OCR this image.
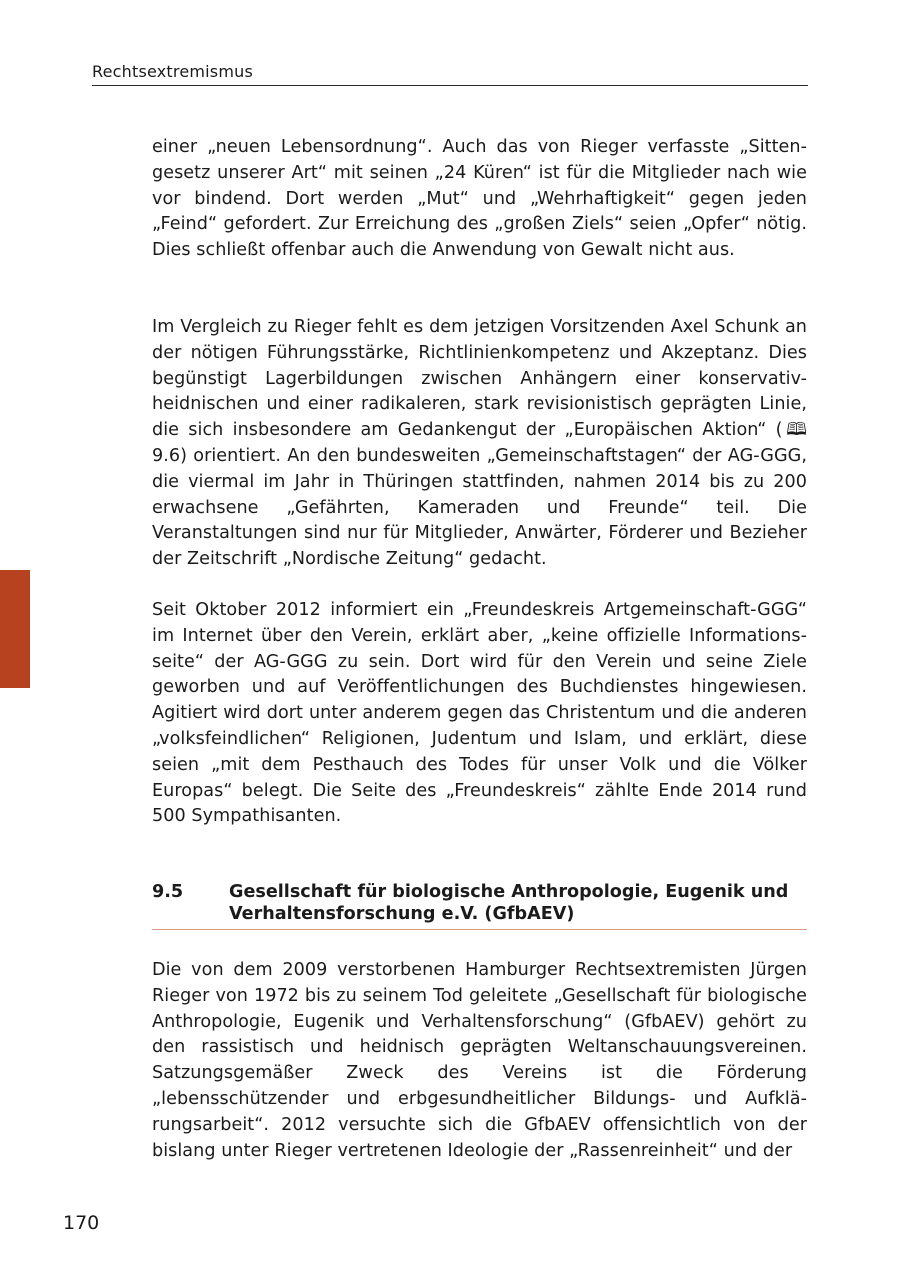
Rechtsextremismus

einer „neuen Lebensordnung“. Auch das von Rieger verfasste „Sittengesetz unserer Art“ mit seinen „24 Küren“ ist für die Mitglieder nach wie vor bindend. Dort werden „Mut“ und „Wehrhaftigkeit“ gegen jeden „Feind“ gefordert. Zur Erreichung des „großen Ziels“ seien „Opfer“ nötig. Dies schließt offenbar auch die Anwendung von Gewalt nicht aus.

Im Vergleich zu Rieger fehlt es dem jetzigen Vorsitzenden Axel Schunk an der nötigen Führungsstärke, Richtlinienkompetenz und Akzeptanz. Dies begünstigt Lagerbildungen zwischen Anhängern einer konservativ-heidnischen und einer radikaleren, stark revisionistisch geprägten Linie, die sich insbesondere am Gedankengut der „Europäischen Aktion“ (🕮 9.6) orientiert. An den bundesweiten „Gemeinschaftstagen“ der AG-GGG, die viermal im Jahr in Thüringen stattfinden, nahmen 2014 bis zu 200 erwachsene „Gefährten, Kameraden und Freunde“ teil. Die Veranstaltungen sind nur für Mitglieder, Anwärter, Förderer und Bezieher der Zeitschrift „Nordische Zeitung“ gedacht.

Seit Oktober 2012 informiert ein „Freundeskreis Artgemeinschaft-GGG“ im Internet über den Verein, erklärt aber, „keine offizielle Informationsseite“ der AG-GGG zu sein. Dort wird für den Verein und seine Ziele geworben und auf Veröffentlichungen des Buchdienstes hingewiesen. Agitiert wird dort unter anderem gegen das Christentum und die anderen „volksfeindlichen“ Religionen, Judentum und Islam, und erklärt, diese seien „mit dem Pesthauch des Todes für unser Volk und die Völker Europas“ belegt. Die Seite des „Freundeskreis“ zählte Ende 2014 rund 500 Sympathisanten.

9.5	Gesellschaft für biologische Anthropologie, Eugenik und Verhaltensforschung e.V. (GfbAEV)

Die von dem 2009 verstorbenen Hamburger Rechtsextremisten Jürgen Rieger von 1972 bis zu seinem Tod geleitete „Gesellschaft für biologische Anthropologie, Eugenik und Verhaltensforschung“ (GfbAEV) gehört zu den rassistisch und heidnisch geprägten Weltanschauungsvereinen. Satzungsgemäßer Zweck des Vereins ist die Förderung „lebensschützender und erbgesundheitlicher Bildungs- und Aufklärungsarbeit“. 2012 versuchte sich die GfbAEV offensichtlich von der bislang unter Rieger vertretenen Ideologie der „Rassenreinheit“ und der

170
